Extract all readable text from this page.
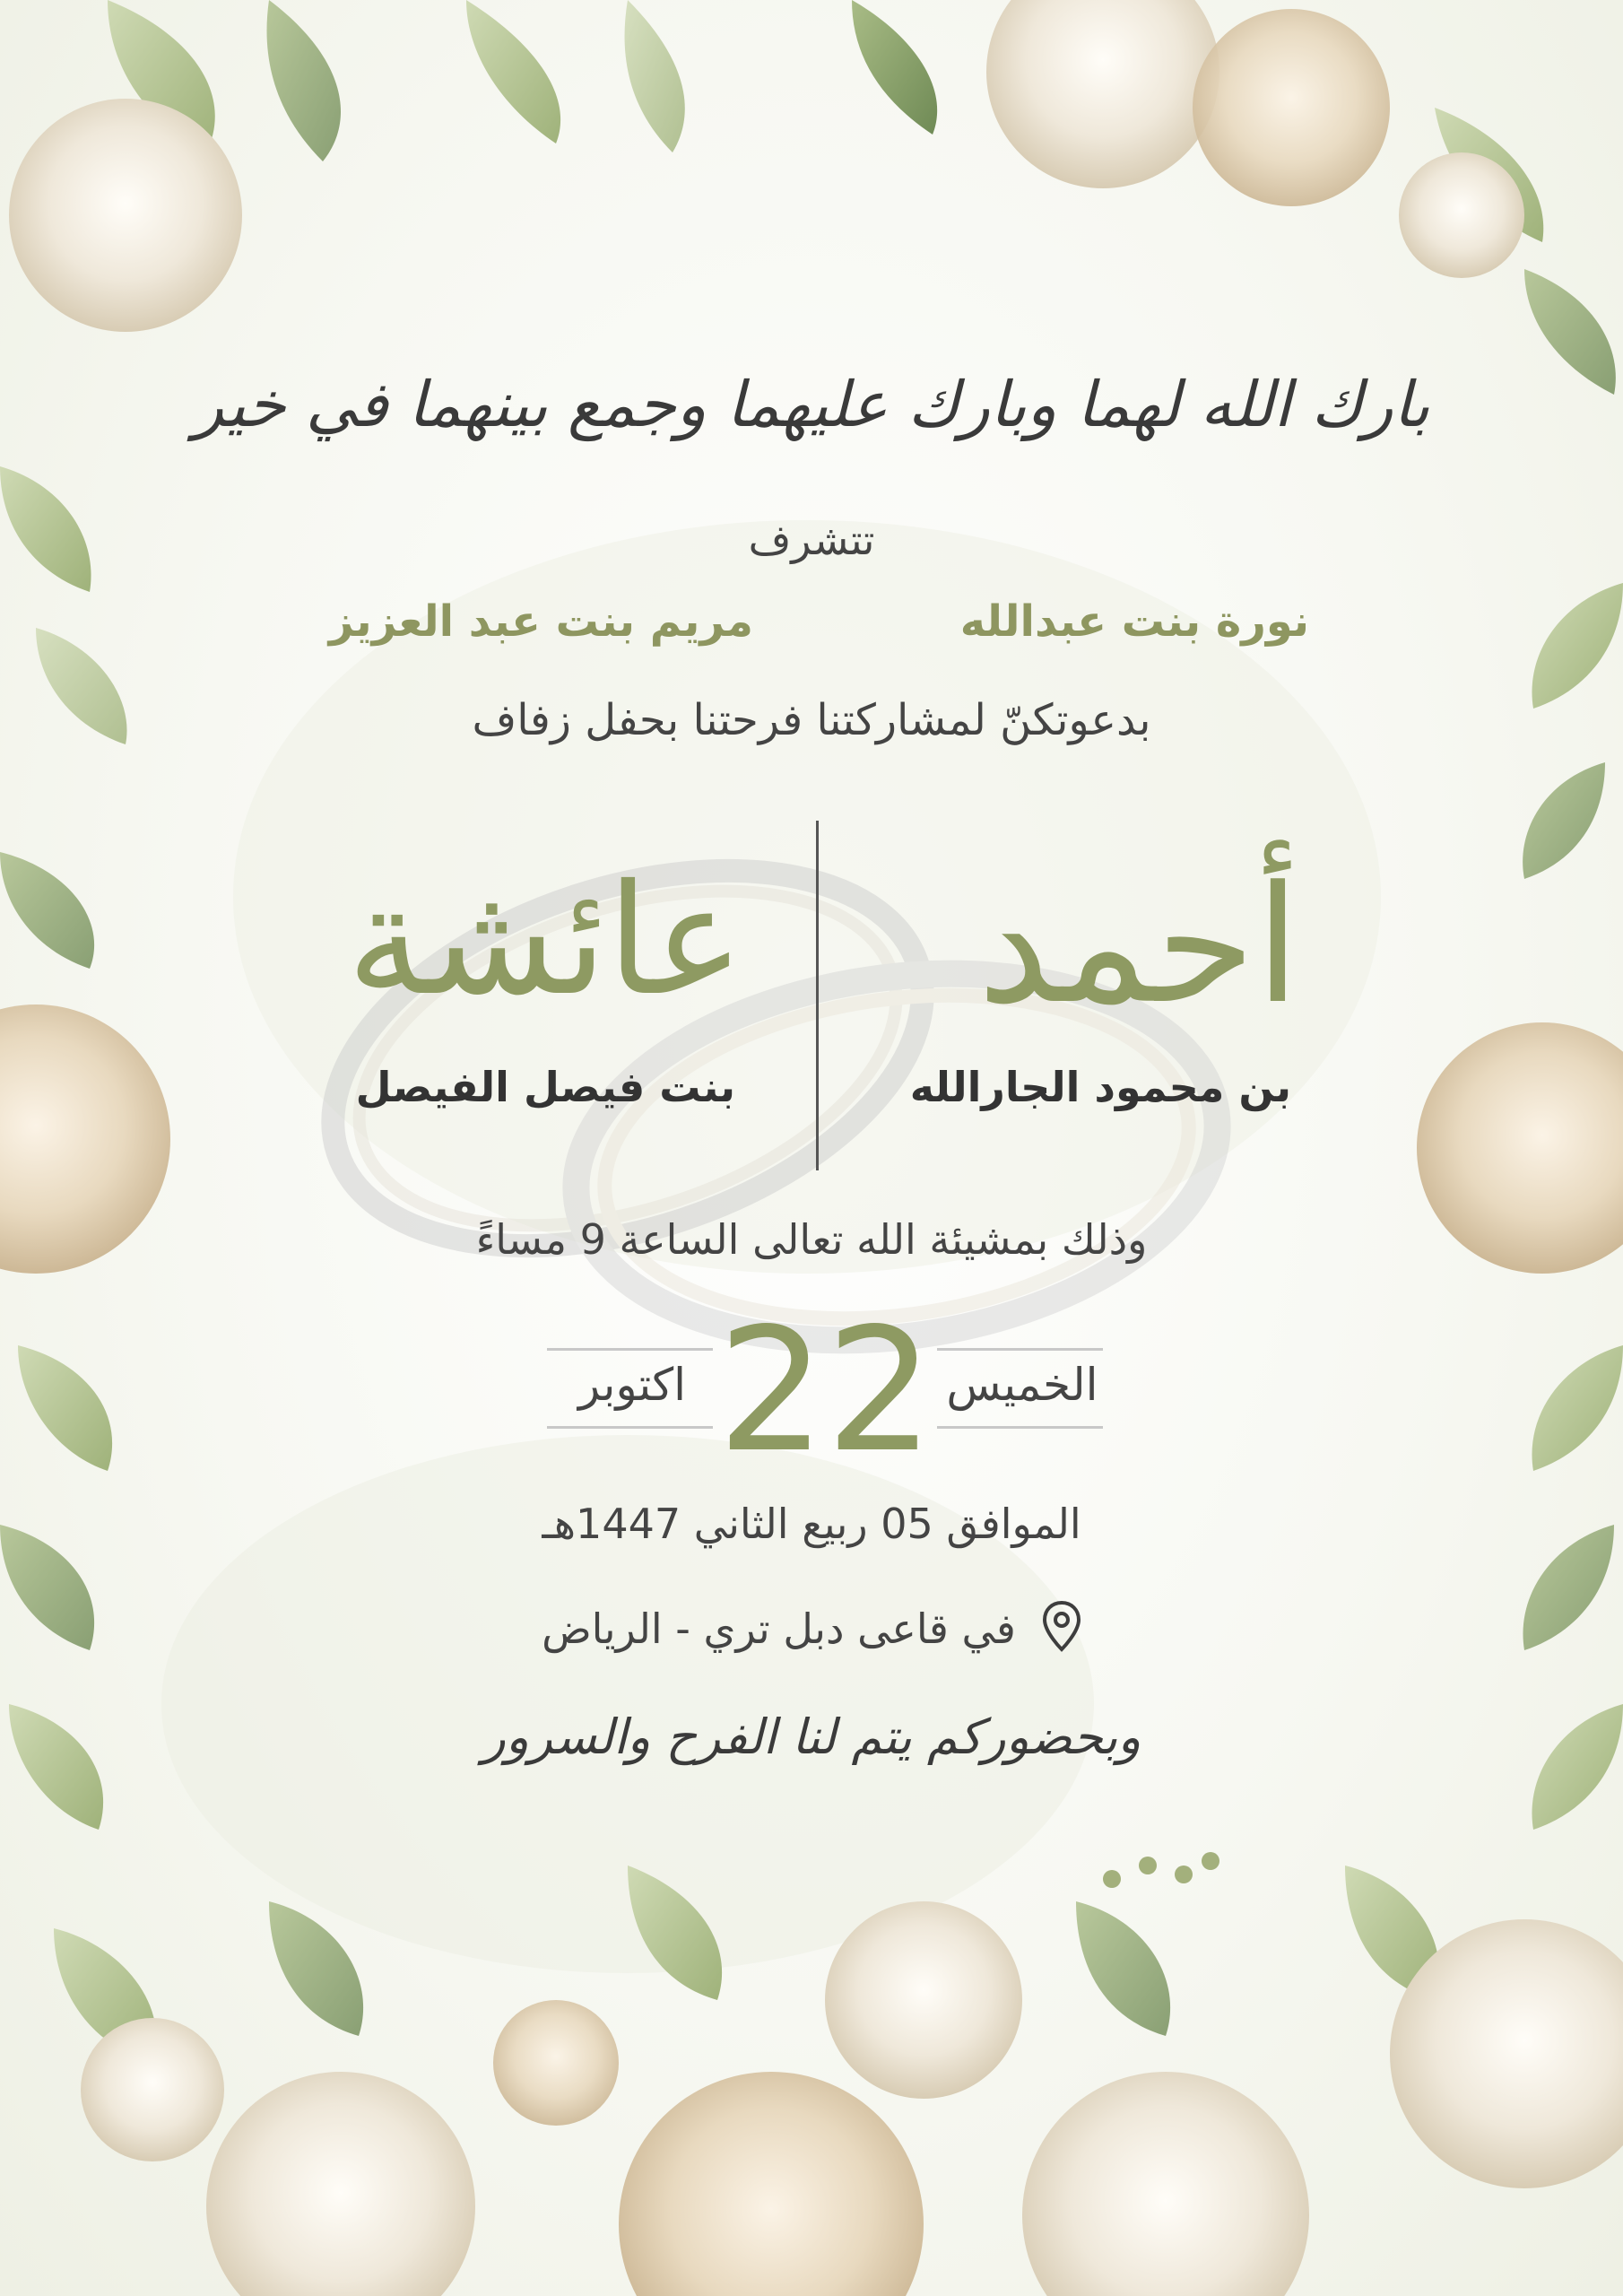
بارك الله لهما وبارك عليهما وجمع بينهما في خير
تتشرف
نورة بنت عبدالله
مريم بنت عبد العزيز
بدعوتكنّ لمشاركتنا فرحتنا بحفل زفاف
أحمد
عائشة
بن محمود الجارالله
بنت فيصل الفيصل
وذلك بمشيئة الله تعالى الساعة 9 مساءً
الخميس
22
اكتوبر
الموافق 05 ربيع الثاني 1447هـ
في قاعى دبل تري - الرياض
وبحضوركم يتم لنا الفرح والسرور
